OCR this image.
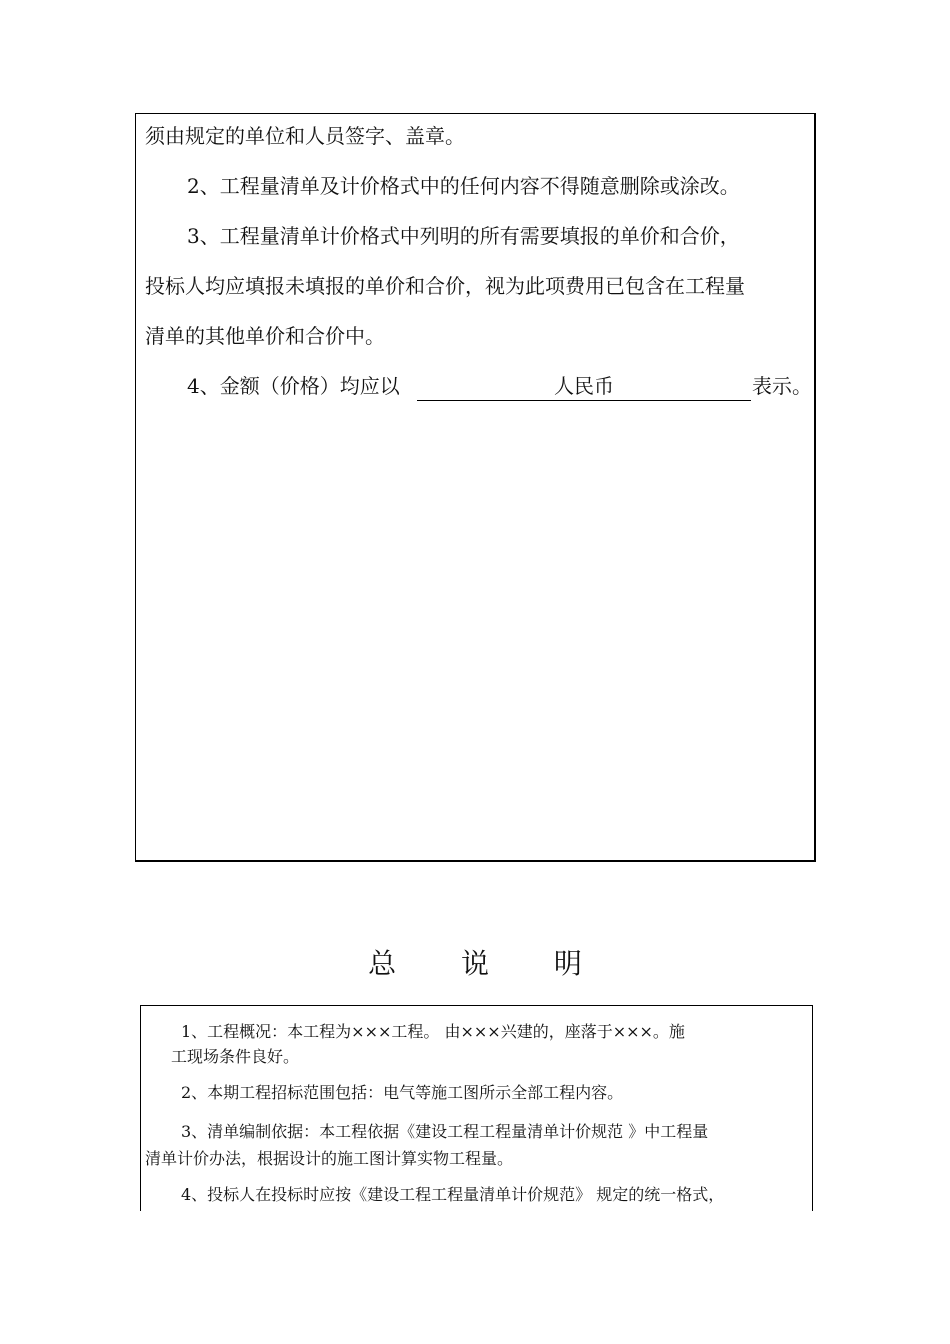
须由规定的单位和人员签字、盖章。
2、工程量清单及计价格式中的任何内容不得随意删除或涂改。
3、工程量清单计价格式中列明的所有需要填报的单价和合价，
投标人均应填报未填报的单价和合价，视为此项费用已包含在工程量
清单的其他单价和合价中。
4、金额（价格）均应以	人民币	表示。
总 说 明
1、工程概况：本工程为×××工程。 由×××兴建的，座落于×××。施
工现场条件良好。
2、本期工程招标范围包括：电气等施工图所示全部工程内容。
3、清单编制依据：本工程依据《建设工程工程量清单计价规范 》中工程量
清单计价办法，根据设计的施工图计算实物工程量。
4、投标人在投标时应按《建设工程工程量清单计价规范》 规定的统一格式，
